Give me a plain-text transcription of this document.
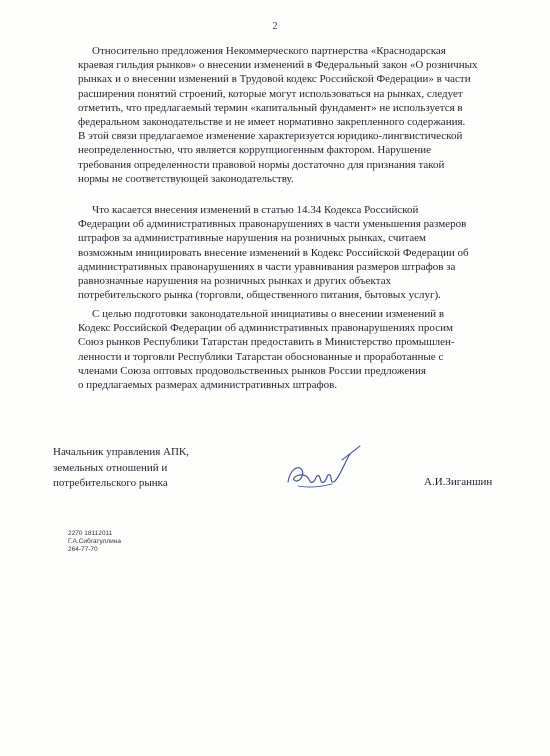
2

Относительно предложения Некоммерческого партнерства «Краснодарская
краевая гильдия рынков» о внесении изменений в Федеральный закон «О розничных
рынках и о внесении изменений в Трудовой кодекс Российской Федерации» в части
расширения понятий строений, которые могут использоваться на рынках, следует
отметить, что предлагаемый термин «капитальный фундамент» не используется в
федеральном законодательстве и не имеет нормативно закрепленного содержания.
В этой связи предлагаемое изменение характеризуется юридико-лингвистической
неопределенностью, что является коррупциогенным фактором. Нарушение
требования определенности правовой нормы достаточно для признания такой
нормы не соответствующей законодательству.

Что касается внесения изменений в статью 14.34 Кодекса Российской
Федерации об административных правонарушениях в части уменьшения размеров
штрафов за административные нарушения на розничных рынках, считаем
возможным инициировать внесение изменений в Кодекс Российской Федерации об
административных правонарушениях в части уравнивания размеров штрафов за
равнозначные нарушения на розничных рынках и других объектах
потребительского рынка (торговли, общественного питания, бытовых услуг).

С целью подготовки законодательной инициативы о внесении изменений в
Кодекс Российской Федерации об административных правонарушениях просим
Союз рынков Республики Татарстан предоставить в Министерство промышлен-
ленности и торговли Республики Татарстан обоснованные и проработанные с
членами Союза оптовых продовольственных рынков России предложения
о предлагаемых размерах административных штрафов.

Начальник управления АПК,
земельных отношений и
потребительского рынка	А.И.Зиганшин
2270 18112011
Г.А.Сибгатуллина
264-77-70
